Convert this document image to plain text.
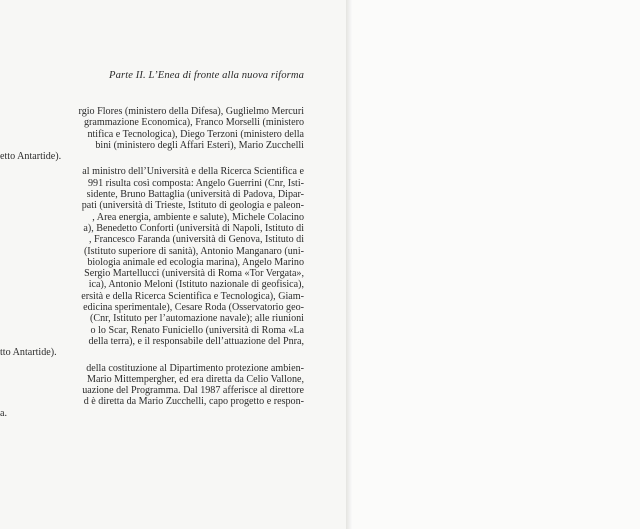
Parte II. L’Enea di fronte alla nuova riforma
rgio Flores (ministero della Difesa), Guglielmo Mercuri
grammazione Economica), Franco Morselli (ministero
ntifica e Tecnologica), Diego Terzoni (ministero della
bini (ministero degli Affari Esteri), Mario Zucchelli
etto Antartide).
al ministro dell’Università e della Ricerca Scientifica e
991 risulta così composta: Angelo Guerrini (Cnr, Isti-
sidente, Bruno Battaglia (università di Padova, Dipar-
pati (università di Trieste, Istituto di geologia e paleon-
, Area energia, ambiente e salute), Michele Colacino
a), Benedetto Conforti (università di Napoli, Istituto di
, Francesco Faranda (università di Genova, Istituto di
(Istituto superiore di sanità), Antonio Manganaro (uni-
biologia animale ed ecologia marina), Angelo Marino
Sergio Martellucci (università di Roma «Tor Vergata»,
ica), Antonio Meloni (Istituto nazionale di geofisica),
ersità e della Ricerca Scientifica e Tecnologica), Giam-
edicina sperimentale), Cesare Roda (Osservatorio geo-
(Cnr, Istituto per l’automazione navale); alle riunioni
o lo Scar, Renato Funiciello (università di Roma «La
della terra), e il responsabile dell’attuazione del Pnra,
tto Antartide).
della costituzione al Dipartimento protezione ambien-
Mario Mittempergher, ed era diretta da Celio Vallone,
uazione del Programma. Dal 1987 afferisce al direttore
d è diretta da Mario Zucchelli, capo progetto e respon-
a.
